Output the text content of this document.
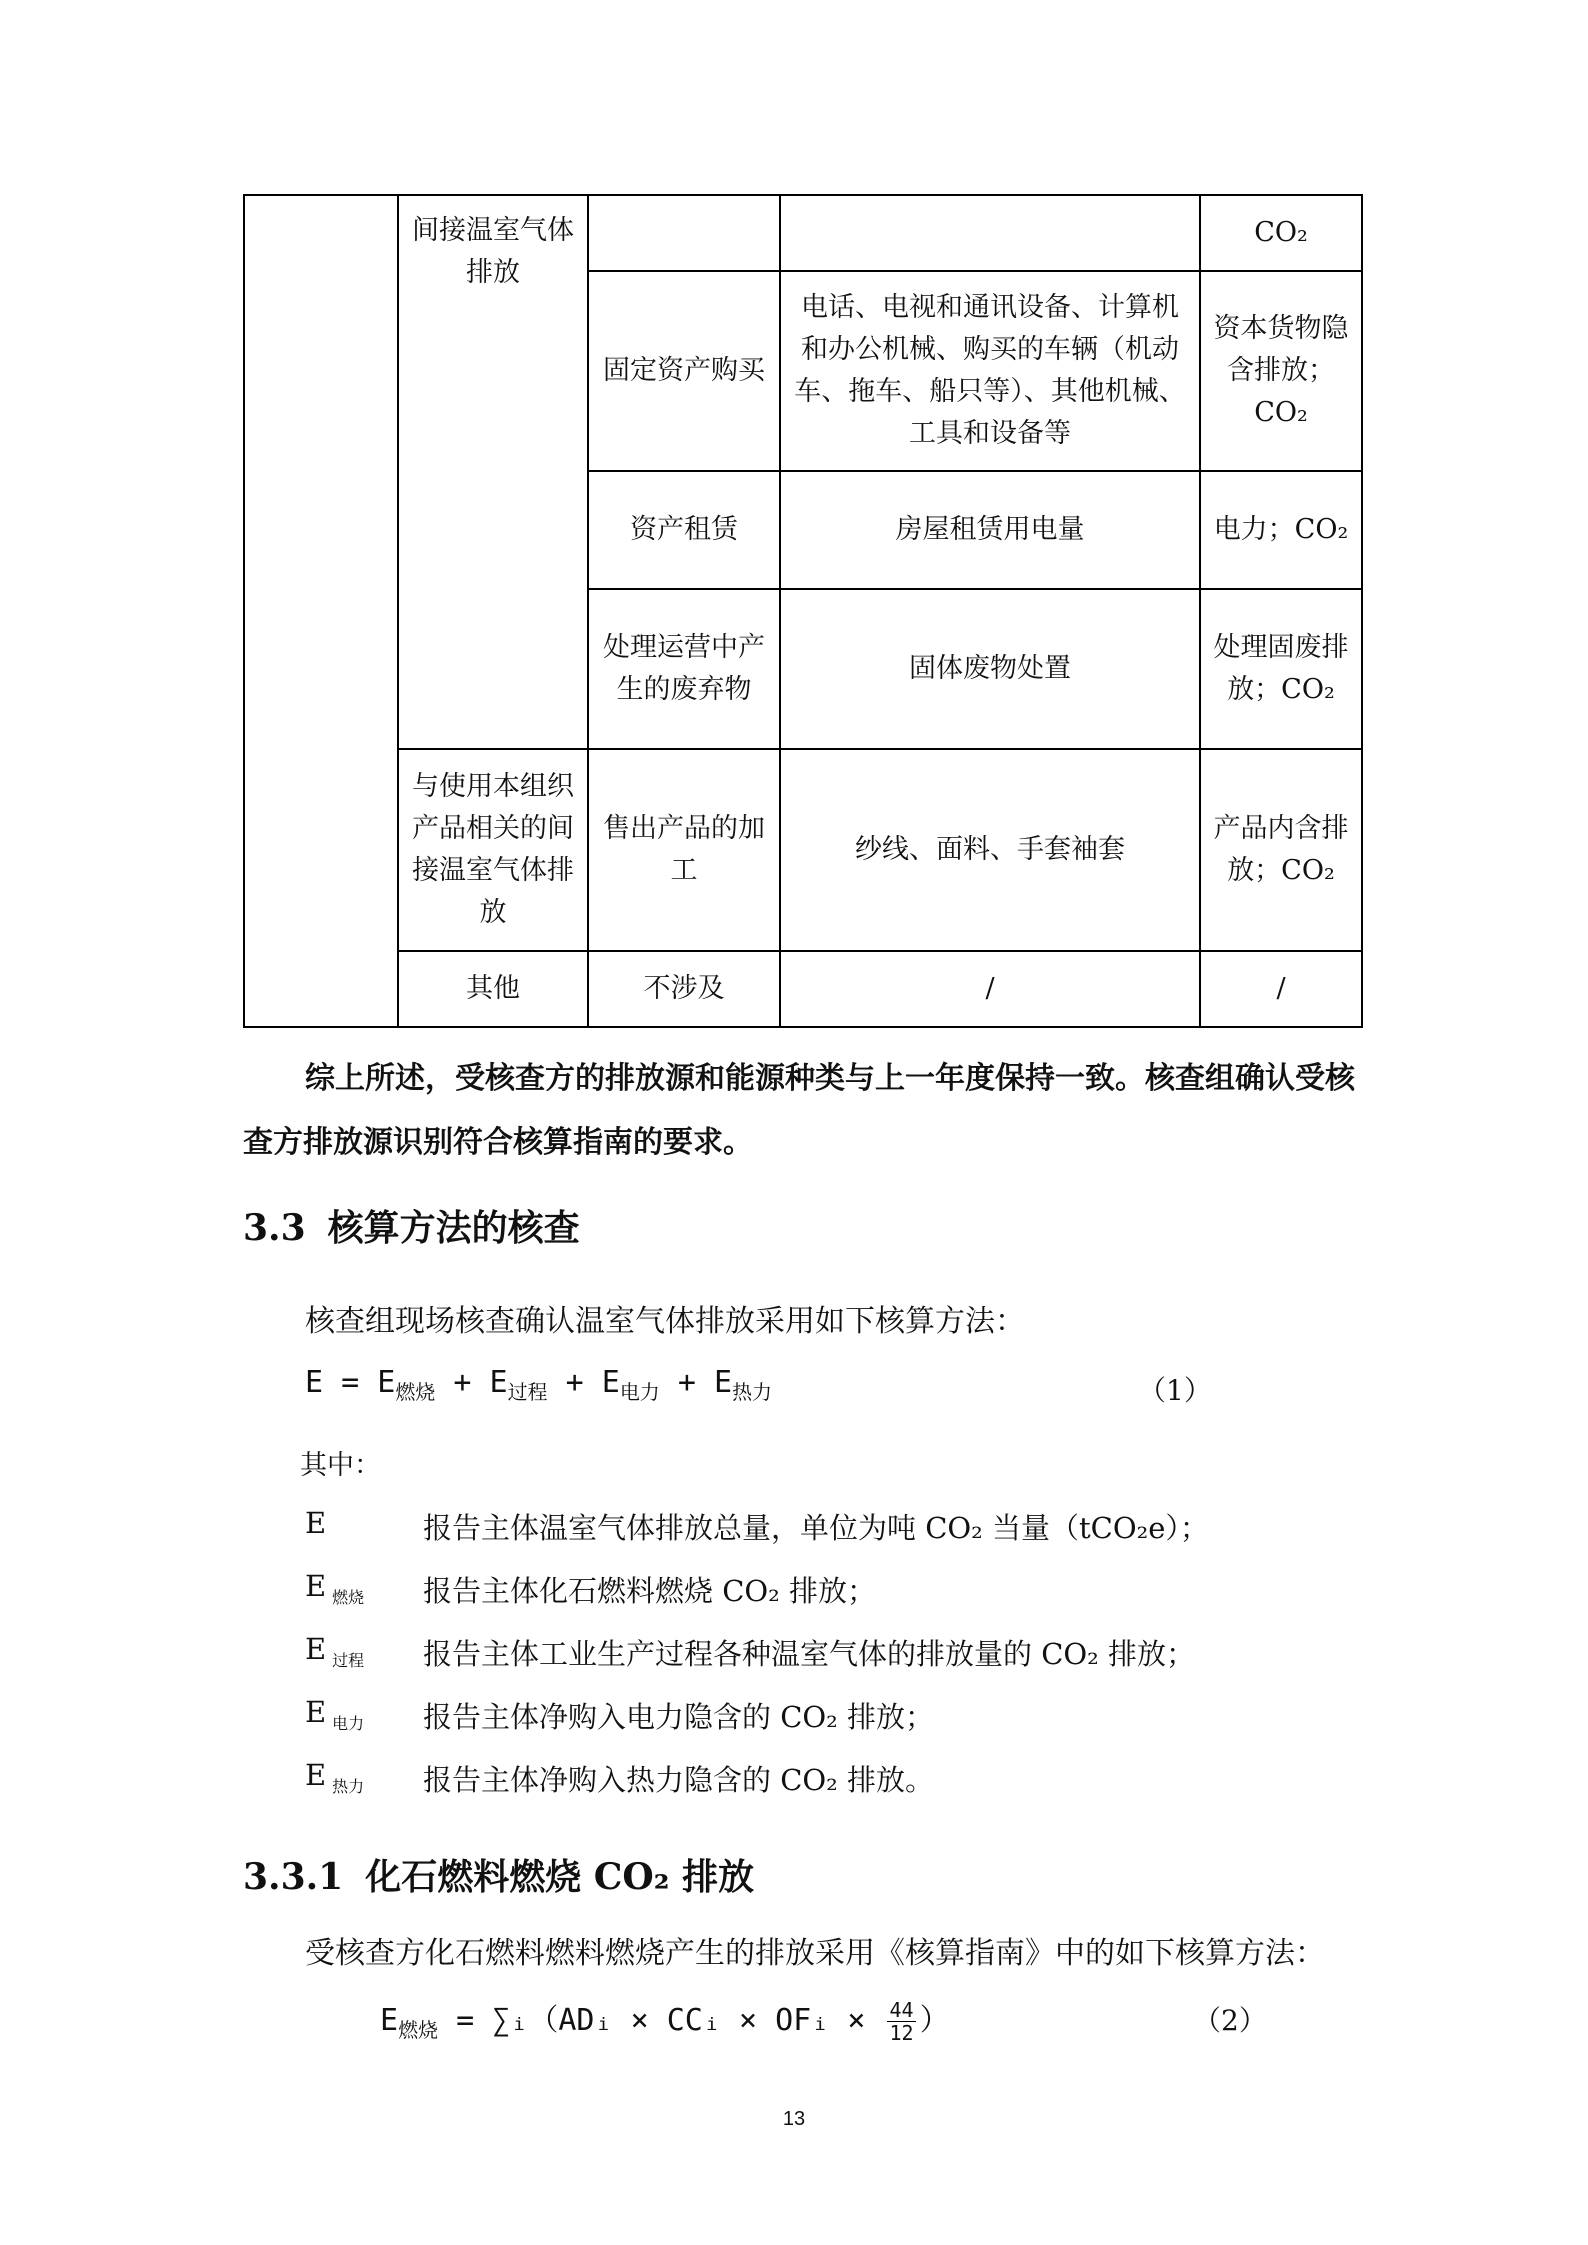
	间接温室气体排放			CO₂
		固定资产购买	电话、电视和通讯设备、计算机和办公机械、购买的车辆（机动车、拖车、船只等）、其他机械、工具和设备等	资本货物隐含排放；CO₂
		资产租赁	房屋租赁用电量	电力；CO₂
		处理运营中产生的废弃物	固体废物处置	处理固废排放；CO₂
	与使用本组织产品相关的间接温室气体排放	售出产品的加工	纱线、面料、手套袖套	产品内含排放；CO₂
	其他	不涉及	/	/
综上所述，受核查方的排放源和能源种类与上一年度保持一致。核查组确认受核查方排放源识别符合核算指南的要求。
3.3 核算方法的核查
核查组现场核查确认温室气体排放采用如下核算方法：
$E = E_{燃烧} + E_{过程} + E_{电力} + E_{热力}$	（1）
其中：
E	报告主体温室气体排放总量，单位为吨 CO₂ 当量（tCO₂e）；
E $_{燃烧}$	报告主体化石燃料燃烧 CO₂ 排放；
E $_{过程}$	报告主体工业生产过程各种温室气体的排放量的 CO₂ 排放；
E $_{电力}$	报告主体净购入电力隐含的 CO₂ 排放；
E $_{热力}$	报告主体净购入热力隐含的 CO₂ 排放。
3.3.1 化石燃料燃烧 CO₂ 排放
受核查方化石燃料燃料燃烧产生的排放采用《核算指南》中的如下核算方法：
$E_{燃烧}$ = ∑ᵢ（ADᵢ × CCᵢ × OFᵢ × $\frac{44}{12}$ ）	（2）
13
